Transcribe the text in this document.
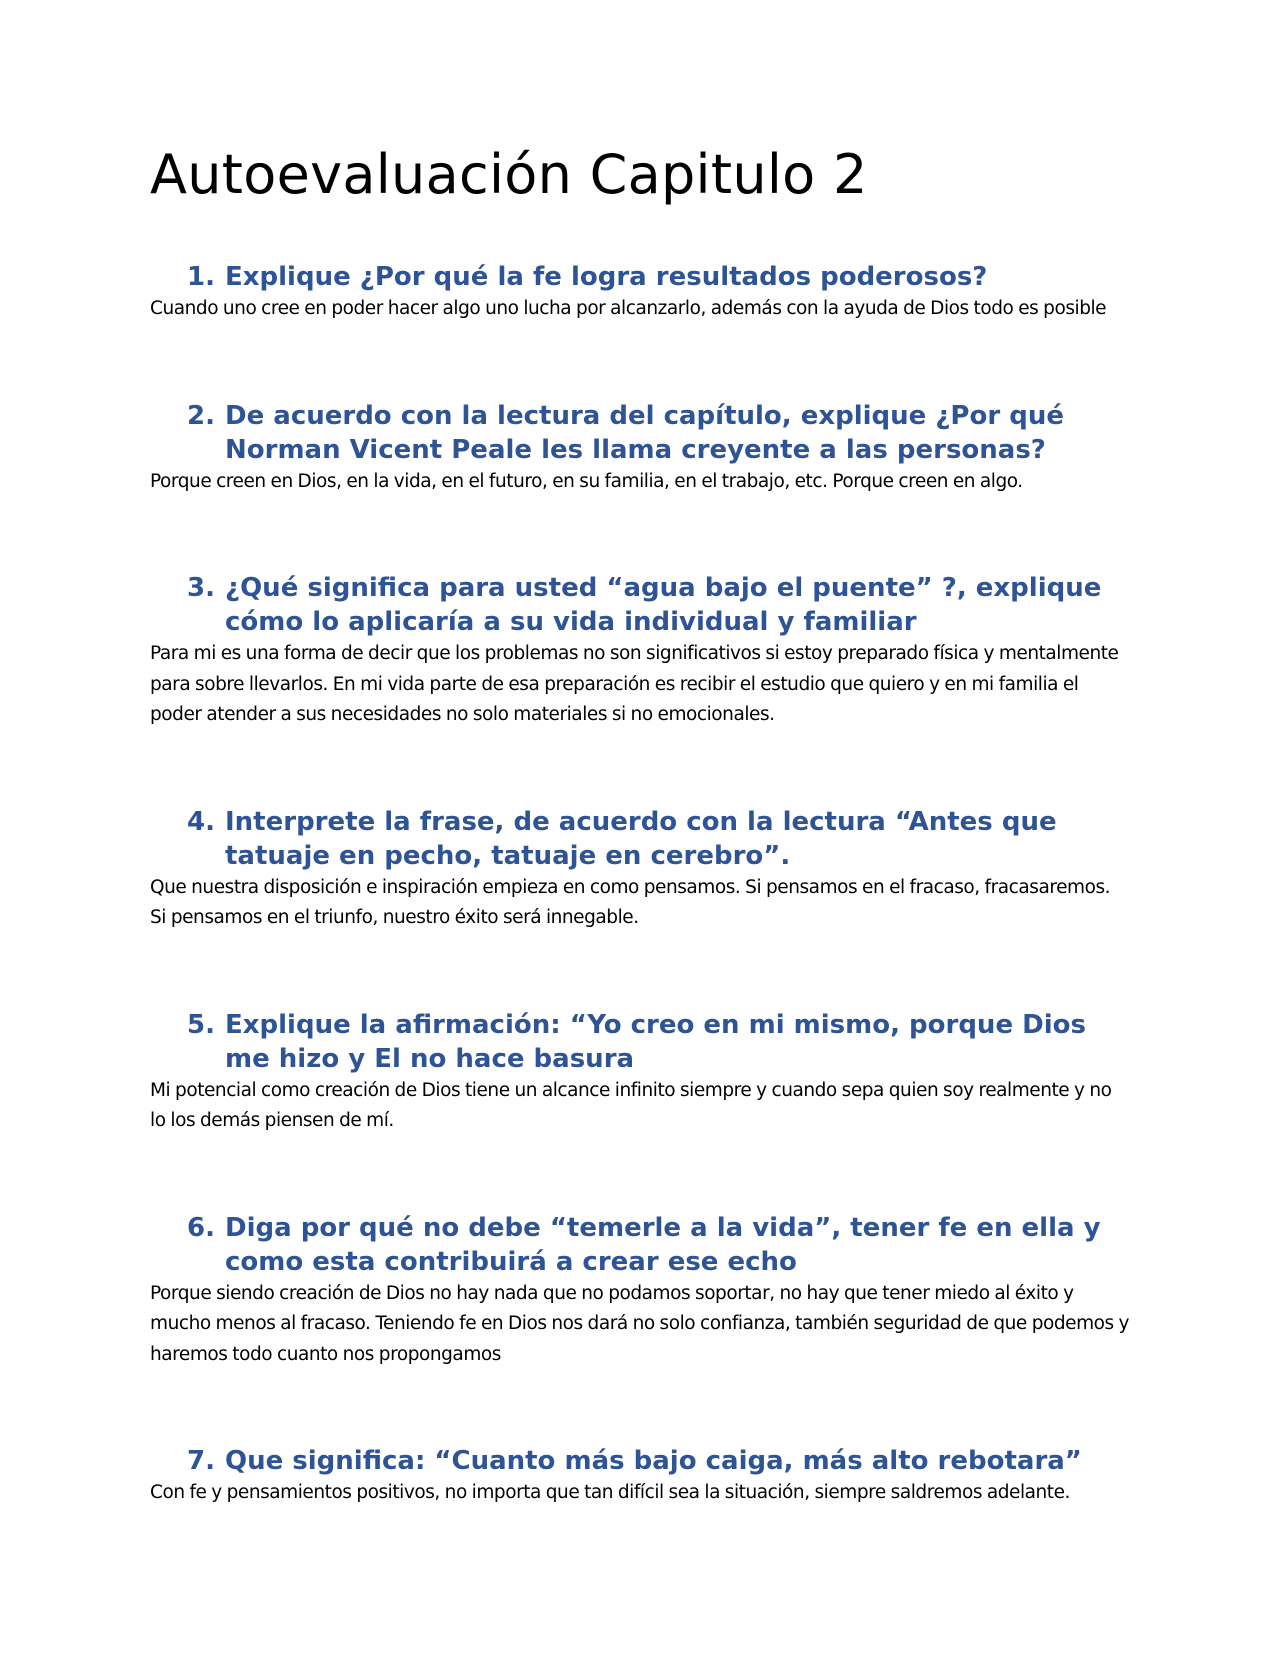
Autoevaluación Capitulo 2
1. Explique ¿Por qué la fe logra resultados poderosos?

Cuando uno cree en poder hacer algo uno lucha por alcanzarlo, además con la ayuda de Dios todo es posible

2. De acuerdo con la lectura del capítulo, explique ¿Por qué Norman Vicent Peale les llama creyente a las personas?

Porque creen en Dios, en la vida, en el futuro, en su familia, en el trabajo, etc. Porque creen en algo.

3. ¿Qué significa para usted “agua bajo el puente” ?, explique cómo lo aplicaría a su vida individual y familiar

Para mi es una forma de decir que los problemas no son significativos si estoy preparado física y mentalmente para sobre llevarlos. En mi vida parte de esa preparación es recibir el estudio que quiero y en mi familia el poder atender a sus necesidades no solo materiales si no emocionales.

4. Interprete la frase, de acuerdo con la lectura “Antes que tatuaje en pecho, tatuaje en cerebro”.

Que nuestra disposición e inspiración empieza en como pensamos. Si pensamos en el fracaso, fracasaremos. Si pensamos en el triunfo, nuestro éxito será innegable.

5. Explique la afirmación: “Yo creo en mi mismo, porque Dios me hizo y El no hace basura

Mi potencial como creación de Dios tiene un alcance infinito siempre y cuando sepa quien soy realmente y no lo los demás piensen de mí.

6. Diga por qué no debe “temerle a la vida”, tener fe en ella y como esta contribuirá a crear ese echo

Porque siendo creación de Dios no hay nada que no podamos soportar, no hay que tener miedo al éxito y mucho menos al fracaso. Teniendo fe en Dios nos dará no solo confianza, también seguridad de que podemos y haremos todo cuanto nos propongamos

7. Que significa: “Cuanto más bajo caiga, más alto rebotara”

Con fe y pensamientos positivos, no importa que tan difícil sea la situación, siempre saldremos adelante.
